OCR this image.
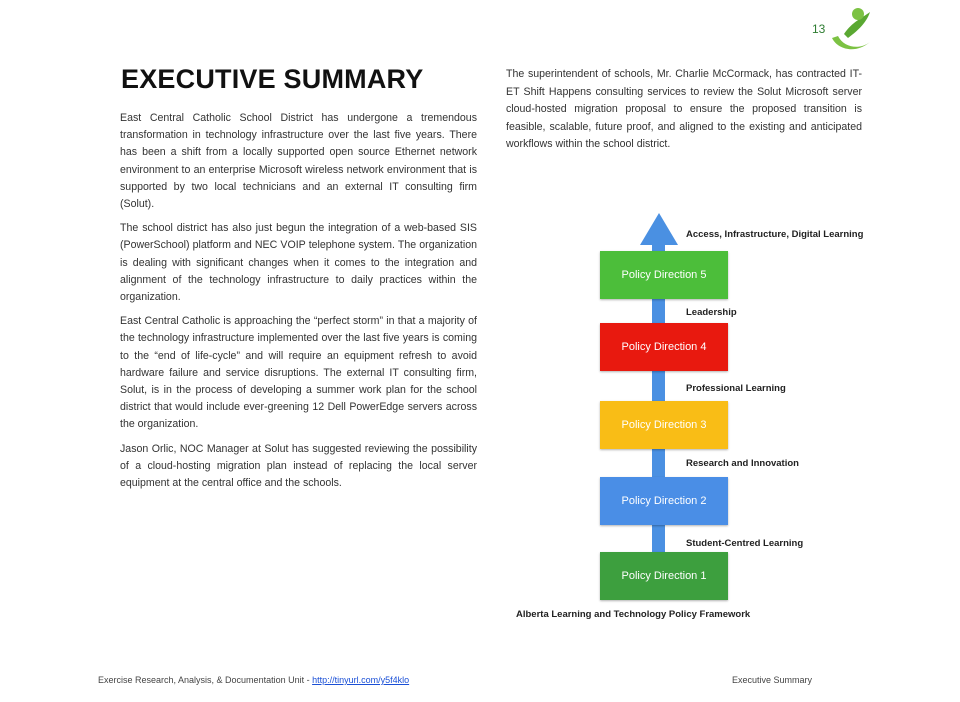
13
EXECUTIVE SUMMARY

East Central Catholic School District has undergone a tremendous transformation in technology infrastructure over the last five years. There has been a shift from a locally supported open source Ethernet network environment to an enterprise Microsoft wireless network environment that is supported by two local technicians and an external IT consulting firm (Solut).

The school district has also just begun the integration of a web-based SIS (PowerSchool) platform and NEC VOIP telephone system. The organization is dealing with significant changes when it comes to the integration and alignment of the technology infrastructure to daily practices within the organization.

East Central Catholic is approaching the “perfect storm” in that a majority of the technology infrastructure implemented over the last five years is coming to the “end of life-cycle” and will require an equipment refresh to avoid hardware failure and service disruptions. The external IT consulting firm, Solut, is in the process of developing a summer work plan for the school district that would include ever-greening 12 Dell PowerEdge servers across the organization.

Jason Orlic, NOC Manager at Solut has suggested reviewing the possibility of a cloud-hosting migration plan instead of replacing the local server equipment at the central office and the schools.

The superintendent of schools, Mr. Charlie McCormack, has contracted IT-ET Shift Happens consulting services to review the Solut Microsoft server cloud-hosted migration proposal to ensure the proposed transition is feasible, scalable, future proof, and aligned to the existing and anticipated workflows within the school district.

Access, Infrastructure, Digital Learning
Policy Direction 5
Leadership
Policy Direction 4
Professional Learning
Policy Direction 3
Research and Innovation
Policy Direction 2
Student-Centred Learning
Policy Direction 1
Alberta Learning and Technology Policy Framework
Exercise Research, Analysis, & Documentation Unit - http://tinyurl.com/y5f4klo	Executive Summary
